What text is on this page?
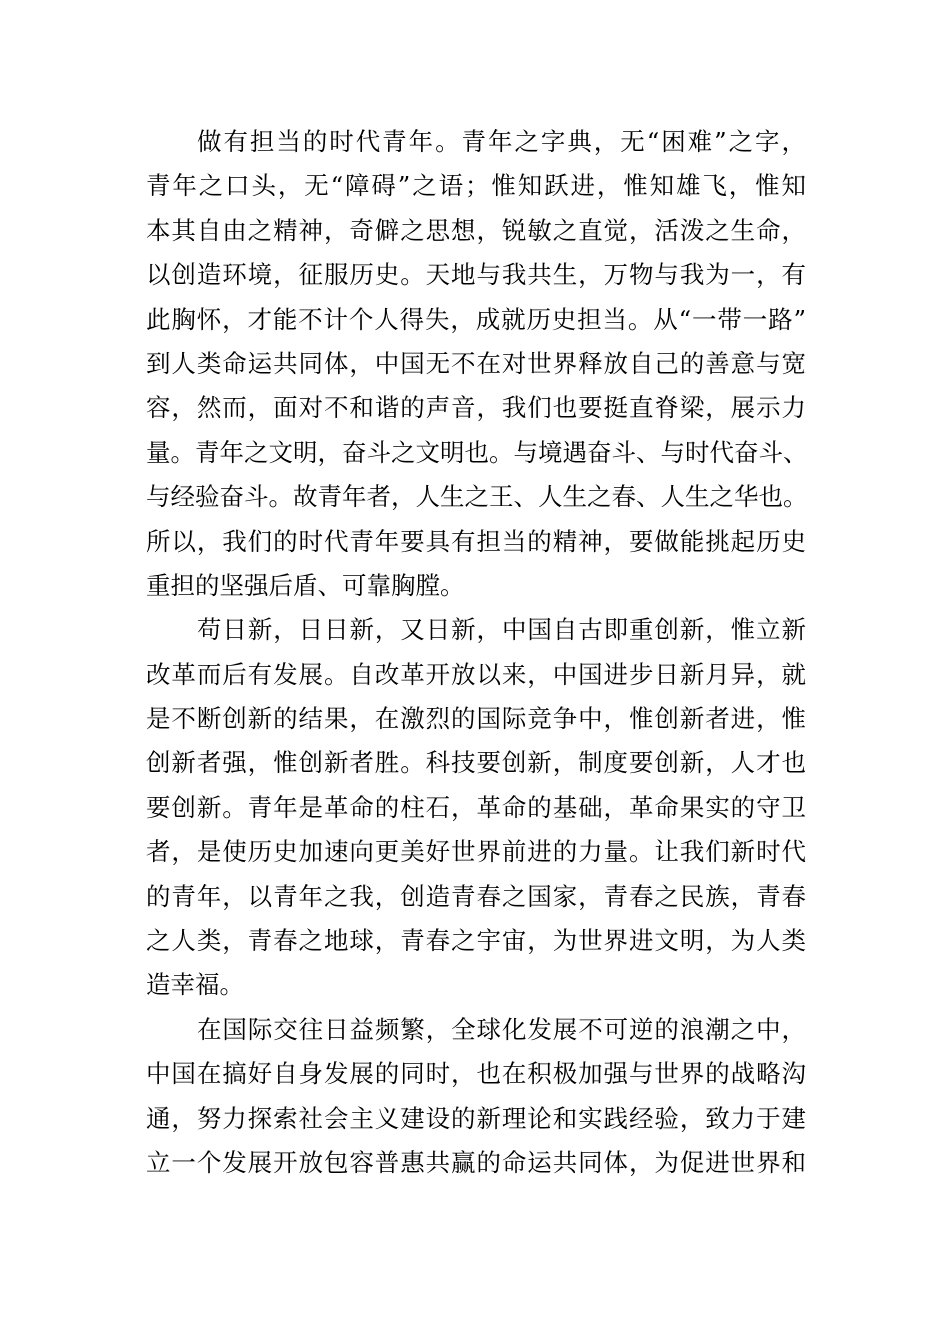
做有担当的时代青年。青年之字典，无“困难”之字，
青年之口头，无“障碍”之语；惟知跃进，惟知雄飞，惟知
本其自由之精神，奇僻之思想，锐敏之直觉，活泼之生命，
以创造环境，征服历史。天地与我共生，万物与我为一，有
此胸怀，才能不计个人得失，成就历史担当。从“一带一路”
到人类命运共同体，中国无不在对世界释放自己的善意与宽
容，然而，面对不和谐的声音，我们也要挺直脊梁，展示力
量。青年之文明，奋斗之文明也。与境遇奋斗、与时代奋斗、
与经验奋斗。故青年者，人生之王、人生之春、人生之华也。
所以，我们的时代青年要具有担当的精神，要做能挑起历史
重担的坚强后盾、可靠胸膛。
苟日新，日日新，又日新，中国自古即重创新，惟立新
改革而后有发展。自改革开放以来，中国进步日新月异，就
是不断创新的结果，在激烈的国际竞争中，惟创新者进，惟
创新者强，惟创新者胜。科技要创新，制度要创新，人才也
要创新。青年是革命的柱石，革命的基础，革命果实的守卫
者，是使历史加速向更美好世界前进的力量。让我们新时代
的青年，以青年之我，创造青春之国家，青春之民族，青春
之人类，青春之地球，青春之宇宙，为世界进文明，为人类
造幸福。
在国际交往日益频繁，全球化发展不可逆的浪潮之中，
中国在搞好自身发展的同时，也在积极加强与世界的战略沟
通，努力探索社会主义建设的新理论和实践经验，致力于建
立一个发展开放包容普惠共赢的命运共同体，为促进世界和
